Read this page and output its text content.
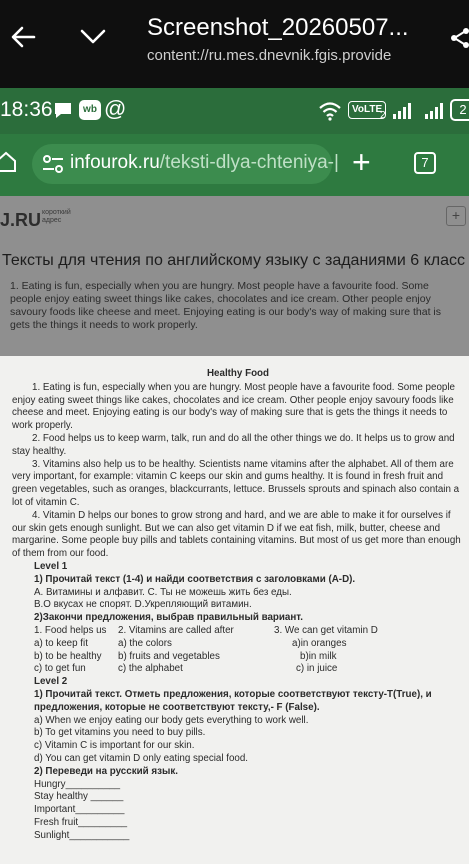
Screenshot_20260507...
content://ru.mes.dnevnik.fgis.provide
18:36	wb @	VoLTE
2	2
infourok.ru/teksti-dlya-chteniya-| +	7
J.RU короткий
адрес	+
Тексты для чтения по английскому языку с заданиями 6 класс
1. Eating is fun, especially when you are hungry. Most people have a favourite food. Some people enjoy eating sweet things like cakes, chocolates and ice cream. Other people enjoy savoury foods like cheese and meet. Enjoying eating is our body's way of making sure that is gets the things it needs to work properly.
Healthy Food

1. Eating is fun, especially when you are hungry. Most people have a favourite food. Some people enjoy eating sweet things like cakes, chocolates and ice cream. Other people enjoy savoury foods like cheese and meet. Enjoying eating is our body's way of making sure that is gets the things it needs to work properly.

2. Food helps us to keep warm, talk, run and do all the other things we do. It helps us to grow and stay healthy.

3. Vitamins also help us to be healthy. Scientists name vitamins after the alphabet. All of them are very important, for example: vitamin C keeps our skin and gums healthy. It is found in fresh fruit and green vegetables, such as oranges, blackcurrants, lettuce. Brussels sprouts and spinach also contain a lot of vitamin C.

4. Vitamin D helps our bones to grow strong and hard, and we are able to make it for ourselves if our skin gets enough sunlight. But we can also get vitamin D if we eat fish, milk, butter, cheese and margarine. Some people buy pills and tablets containing vitamins. But most of us get more than enough of them from our food.

Level 1
1) Прочитай текст (1-4) и найди соответствия с заголовками (A-D).
А. Витамины и алфавит. С. Ты не можешь жить без еды.
В.О вкусах не спорят. D.Укрепляющий витамин.
2)Закончи предложения, выбрав правильный вариант.
1. Food helps us	2. Vitamins are called after	3. We can get vitamin D
a) to keep fit	a) the colors	a)in oranges
b) to be healthy	b) fruits and vegetables	b)in milk
c) to get fun	c) the alphabet	c) in juice
Level 2
1) Прочитай текст. Отметь предложения, которые соответствуют тексту-T(True), и предложения, которые не соответствуют тексту,- F (False).
a) When we enjoy eating our body gets everything to work well.
b) To get vitamins you need to buy pills.
c) Vitamin C is important for our skin.
d) You can get vitamin D only eating special food.
2) Переведи на русский язык.
Hungry__________
Stay healthy ______
Important_________
Fresh fruit_________
Sunlight___________
